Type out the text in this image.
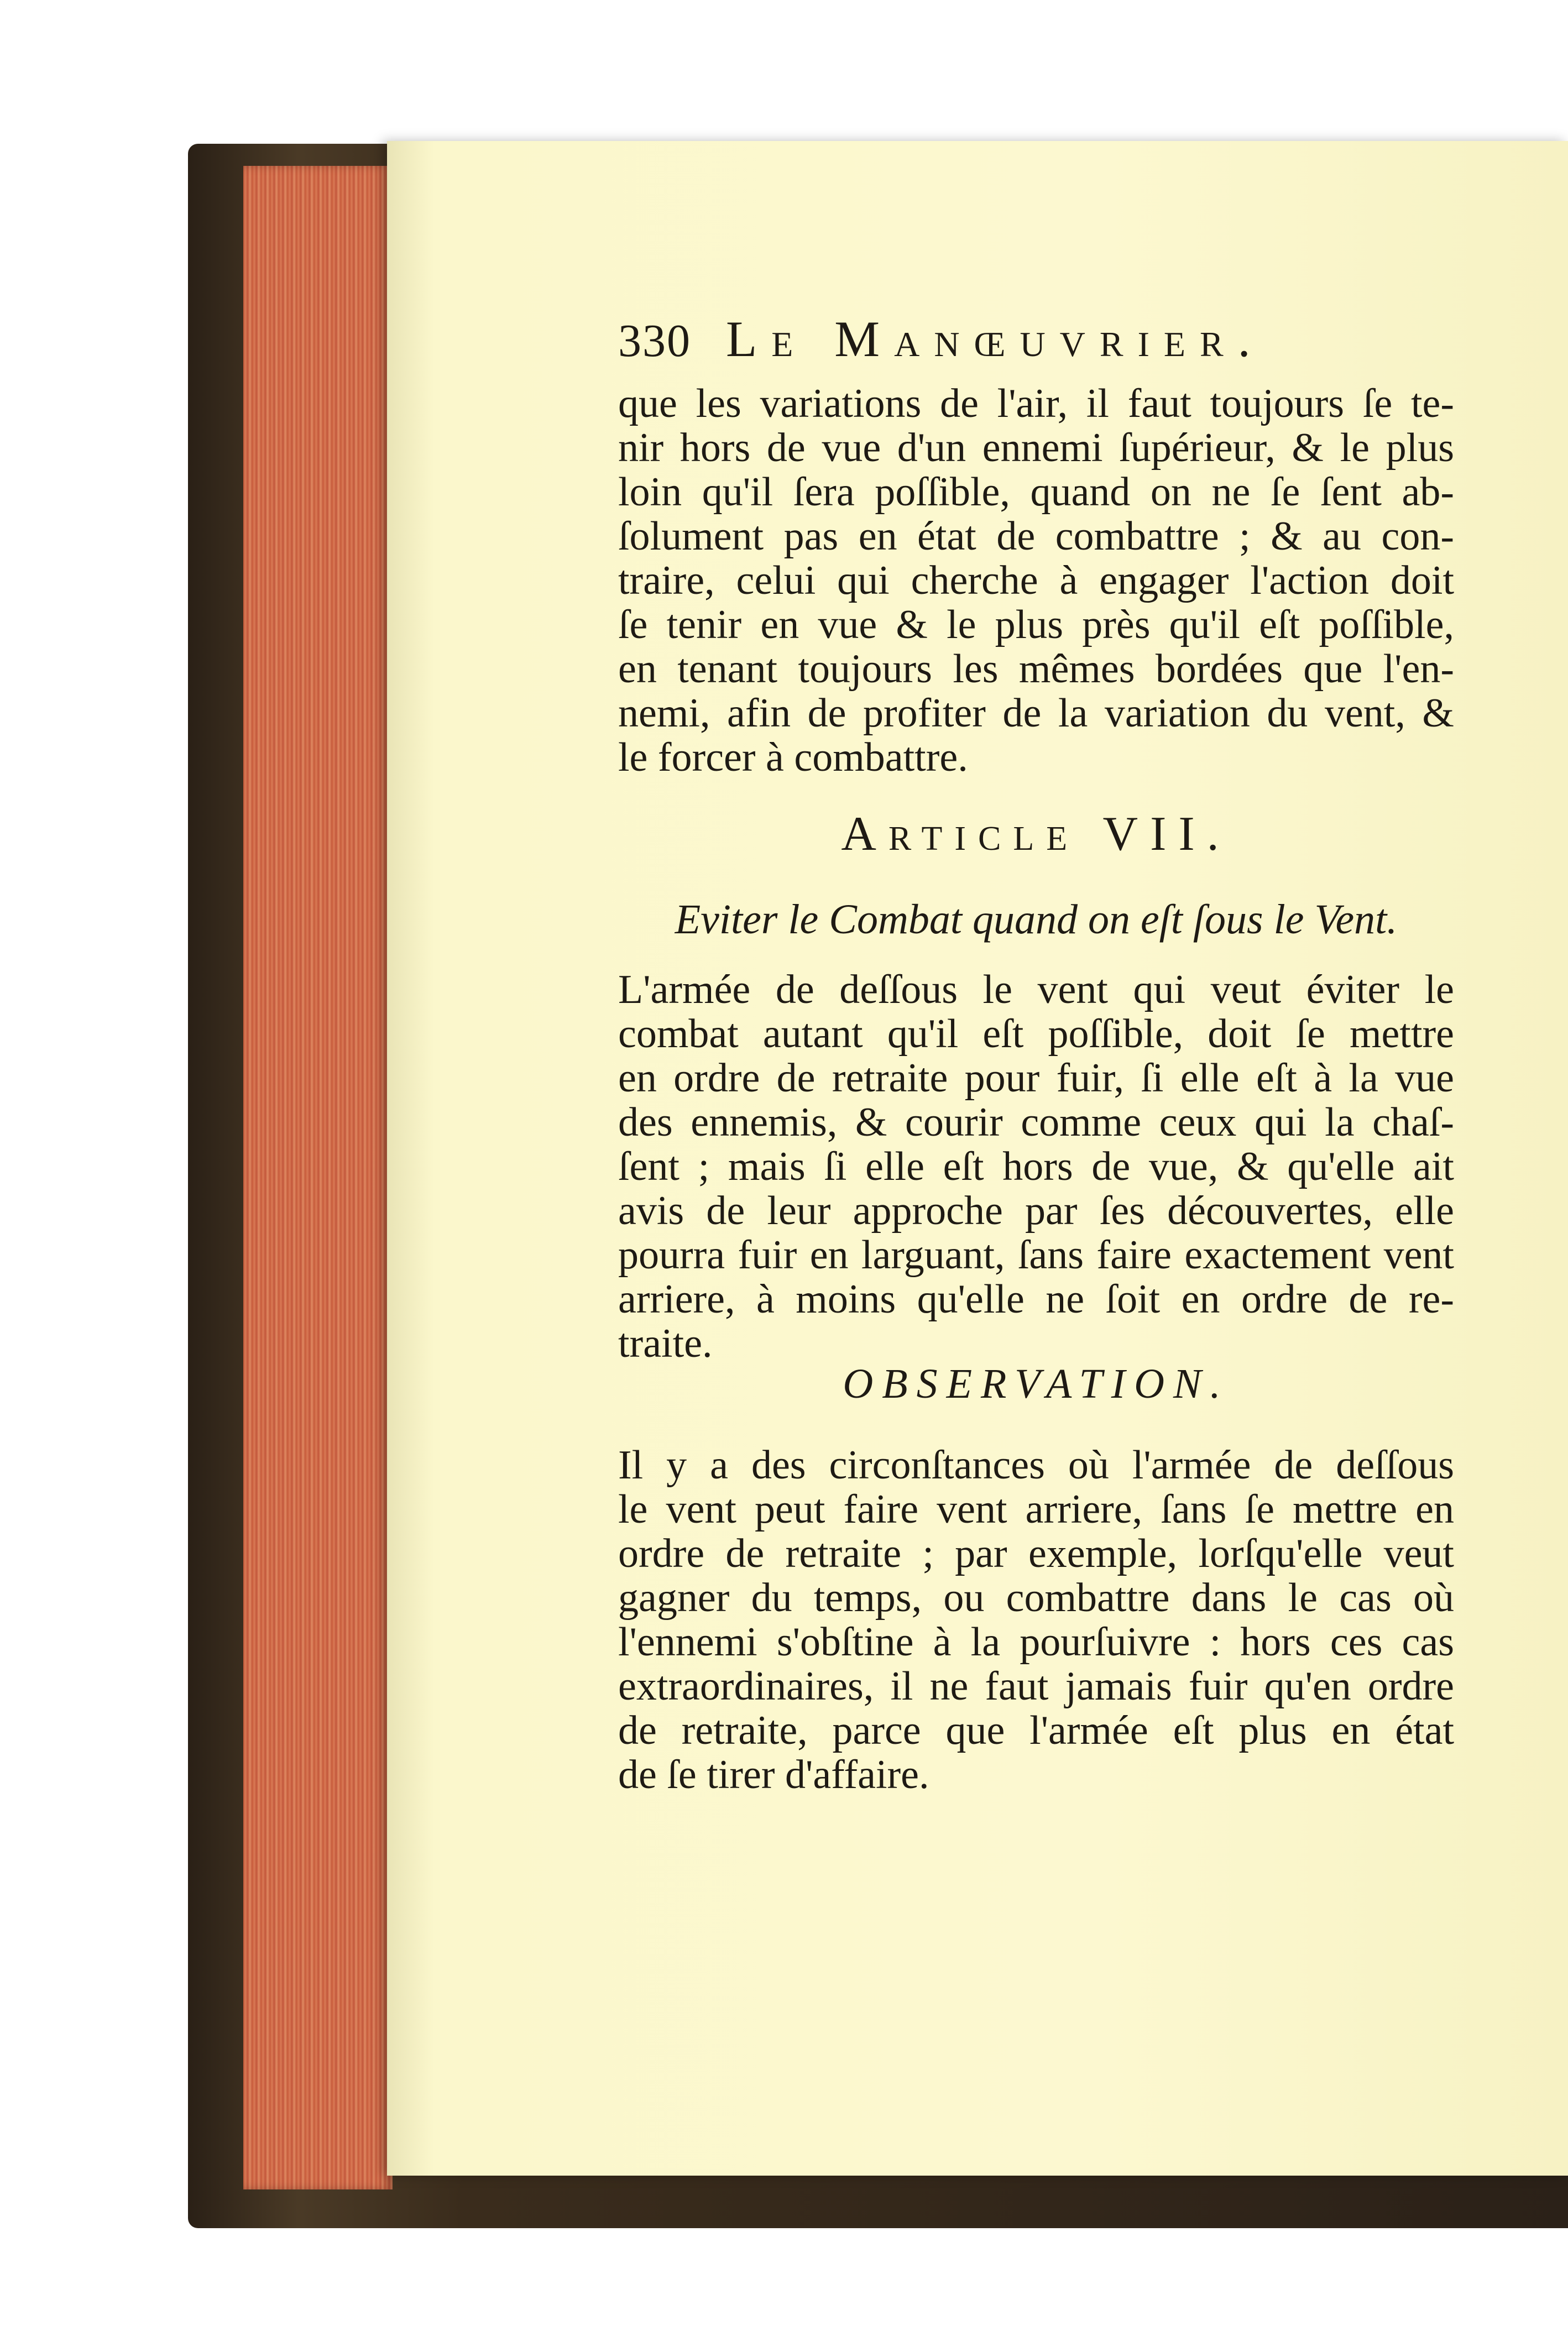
330 Le Manœuvrier.
que les variations de l'air, il faut toujours ſe te-
nir hors de vue d'un ennemi ſupérieur, & le plus
loin qu'il ſera poſſible, quand on ne ſe ſent ab-
ſolument pas en état de combattre ; & au con-
traire, celui qui cherche à engager l'action doit
ſe tenir en vue & le plus près qu'il eſt poſſible,
en tenant toujours les mêmes bordées que l'en-
nemi, afin de profiter de la variation du vent, &
le forcer à combattre.
Article VII.
Eviter le Combat quand on eſt ſous le Vent.
L'armée de deſſous le vent qui veut éviter le
combat autant qu'il eſt poſſible, doit ſe mettre
en ordre de retraite pour fuir, ſi elle eſt à la vue
des ennemis, & courir comme ceux qui la chaſ-
ſent ; mais ſi elle eſt hors de vue, & qu'elle ait
avis de leur approche par ſes découvertes, elle
pourra fuir en larguant, ſans faire exactement vent
arriere, à moins qu'elle ne ſoit en ordre de re-
traite.
OBSERVATION.
Il y a des circonſtances où l'armée de deſſous
le vent peut faire vent arriere, ſans ſe mettre en
ordre de retraite ; par exemple, lorſqu'elle veut
gagner du temps, ou combattre dans le cas où
l'ennemi s'obſtine à la pourſuivre : hors ces cas
extraordinaires, il ne faut jamais fuir qu'en ordre
de retraite, parce que l'armée eſt plus en état
de ſe tirer d'affaire.
